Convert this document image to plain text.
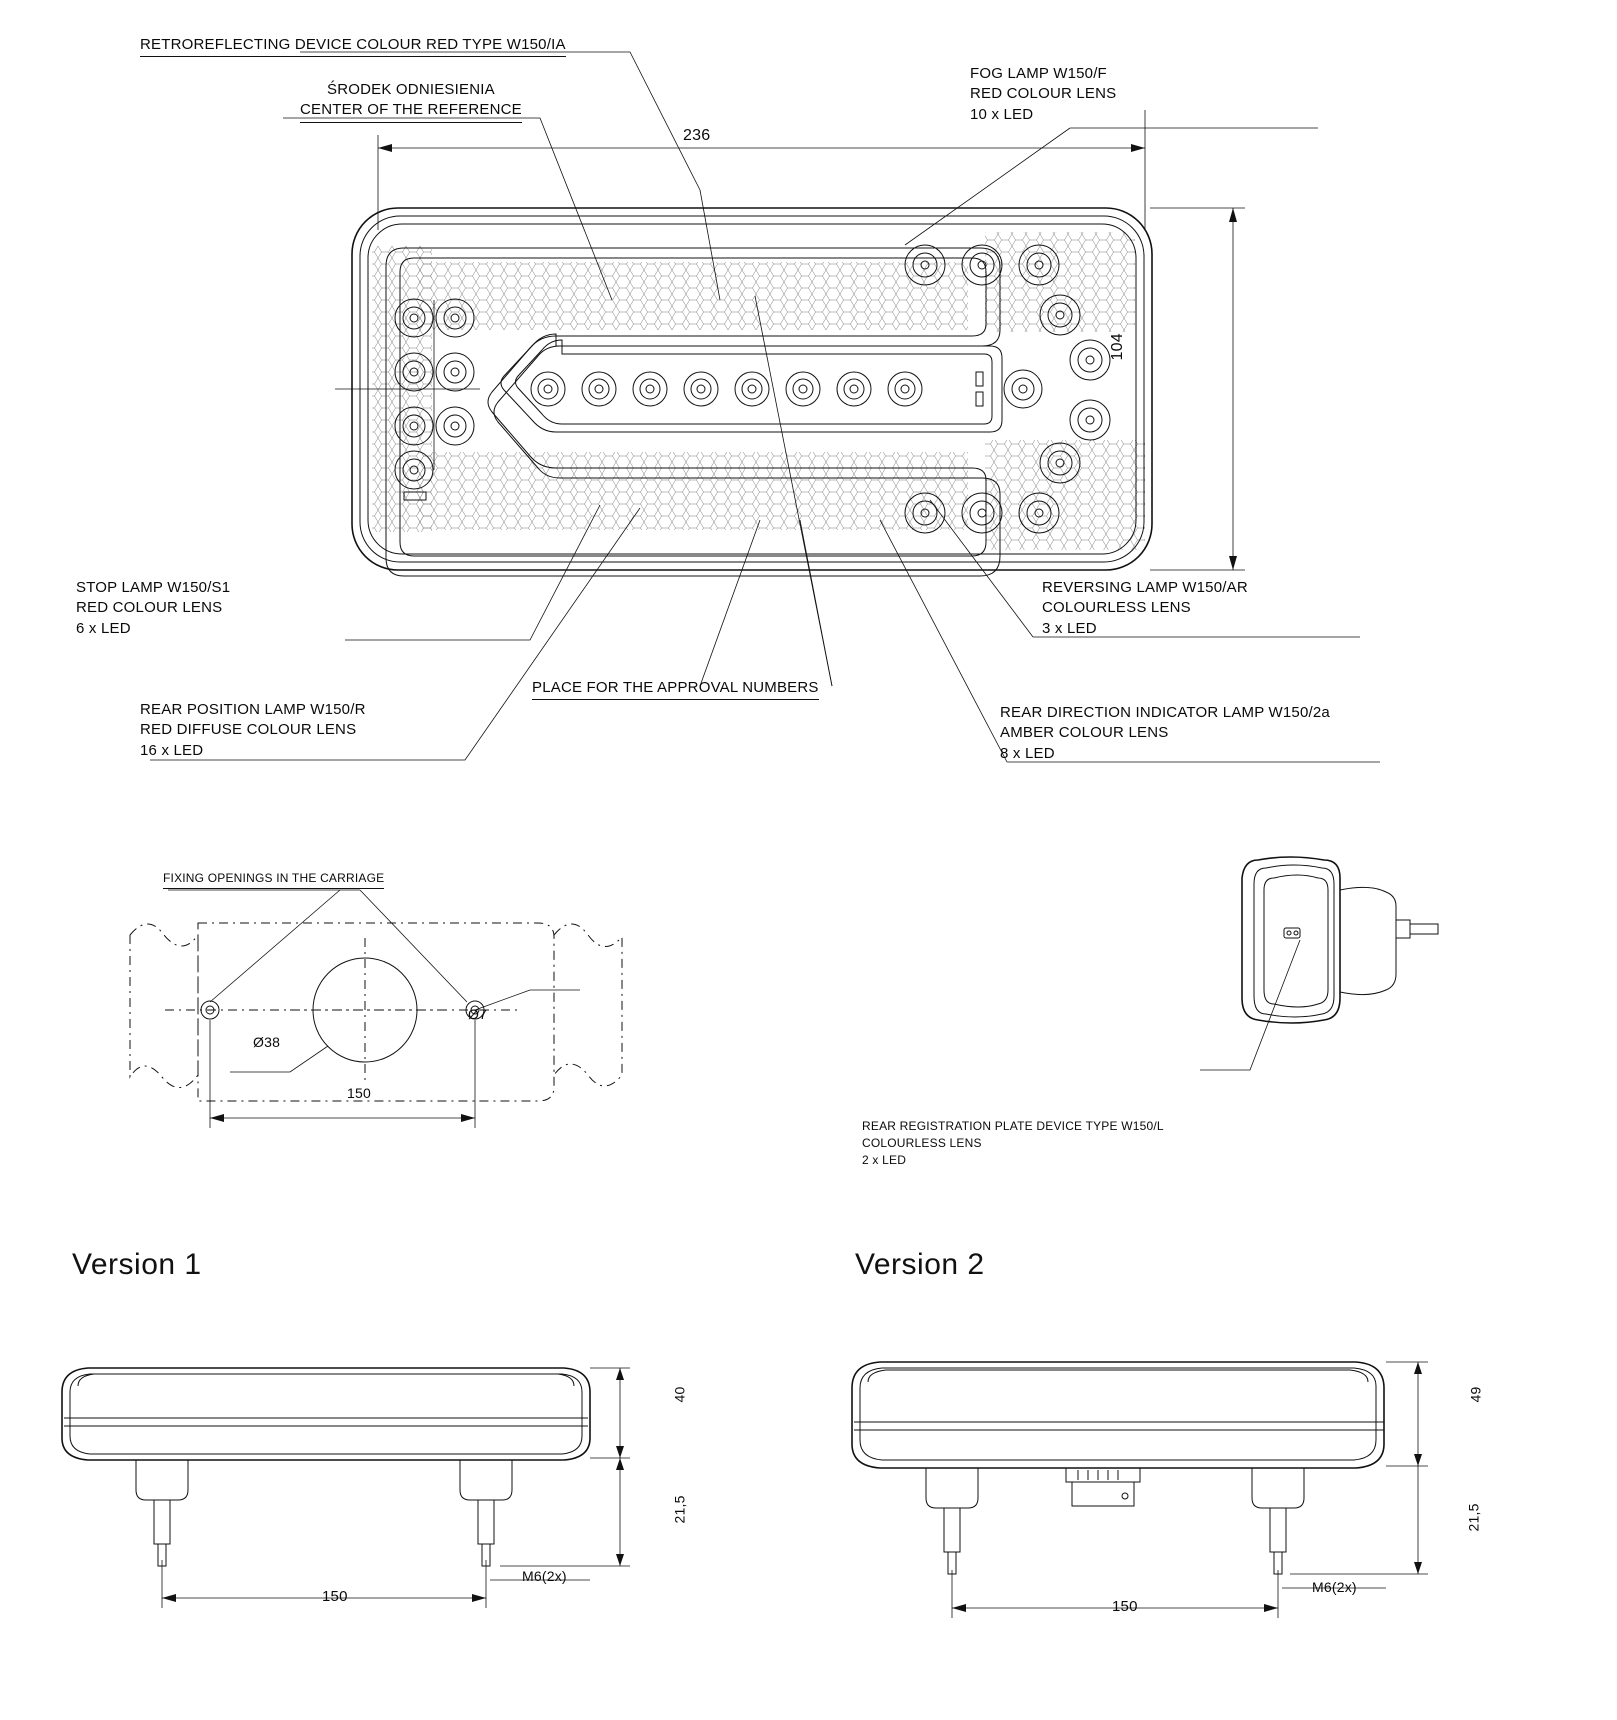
RETROREFLECTING DEVICE COLOUR RED TYPE W150/IA
ŚRODEK ODNIESIENIA
CENTER OF THE REFERENCE
FOG LAMP W150/F
RED COLOUR LENS
10 x LED
236
104
STOP LAMP W150/S1
RED COLOUR LENS
6 x LED
REVERSING LAMP W150/AR
COLOURLESS LENS
3 x LED
REAR POSITION LAMP W150/R
RED DIFFUSE COLOUR LENS
16 x LED
PLACE FOR THE APPROVAL NUMBERS
REAR DIRECTION INDICATOR LAMP W150/2a
AMBER COLOUR LENS
8 x LED
FIXING OPENINGS IN THE CARRIAGE
Ø7
Ø38
150
REAR REGISTRATION PLATE DEVICE TYPE W150/L
COLOURLESS LENS
2 x LED
Version 1
40
21,5
150
M6(2x)
Version 2
49
21,5
150
M6(2x)
